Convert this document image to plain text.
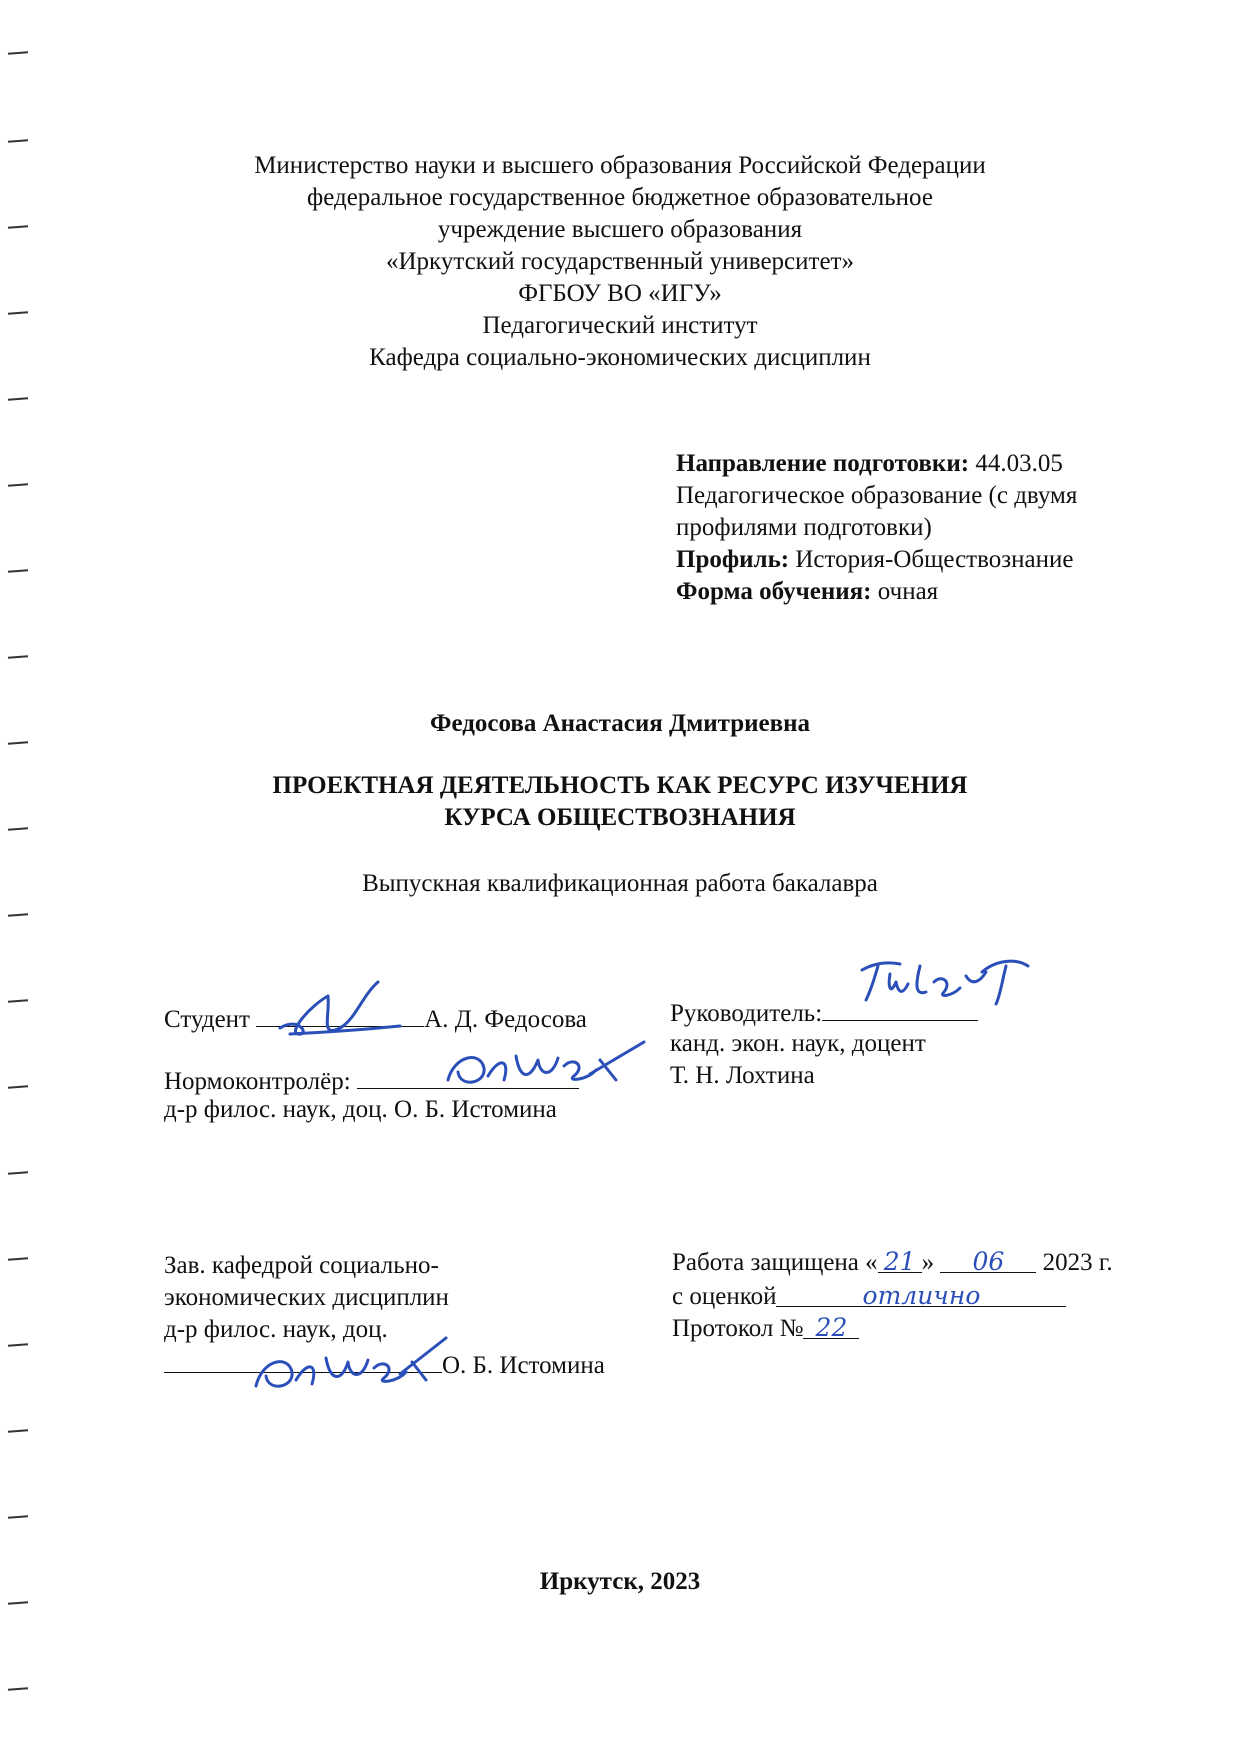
Министерство науки и высшего образования Российской Федерации
федеральное государственное бюджетное образовательное
учреждение высшего образования
«Иркутский государственный университет»
ФГБОУ ВО «ИГУ»
Педагогический институт
Кафедра социально-экономических дисциплин
Направление подготовки: 44.03.05
Педагогическое образование (с двумя
профилями подготовки)
Профиль: История-Обществознание
Форма обучения: очная
Федосова Анастасия Дмитриевна
ПРОЕКТНАЯ ДЕЯТЕЛЬНОСТЬ КАК РЕСУРС ИЗУЧЕНИЯ
КУРСА ОБЩЕСТВОЗНАНИЯ
Выпускная квалификационная работа бакалавра
Студент	А. Д. Федосова
Нормоконтролёр:
д-р филос. наук, доц. О. Б. Истомина
Руководитель:
канд. экон. наук, доцент
Т. Н. Лохтина
Зав. кафедрой социально-
экономических дисциплин
д-р филос. наук, доц.
О. Б. Истомина
Работа защищена « 21 » 06 2023 г.
с оценкой	отлично
Протокол № 22
Иркутск, 2023
